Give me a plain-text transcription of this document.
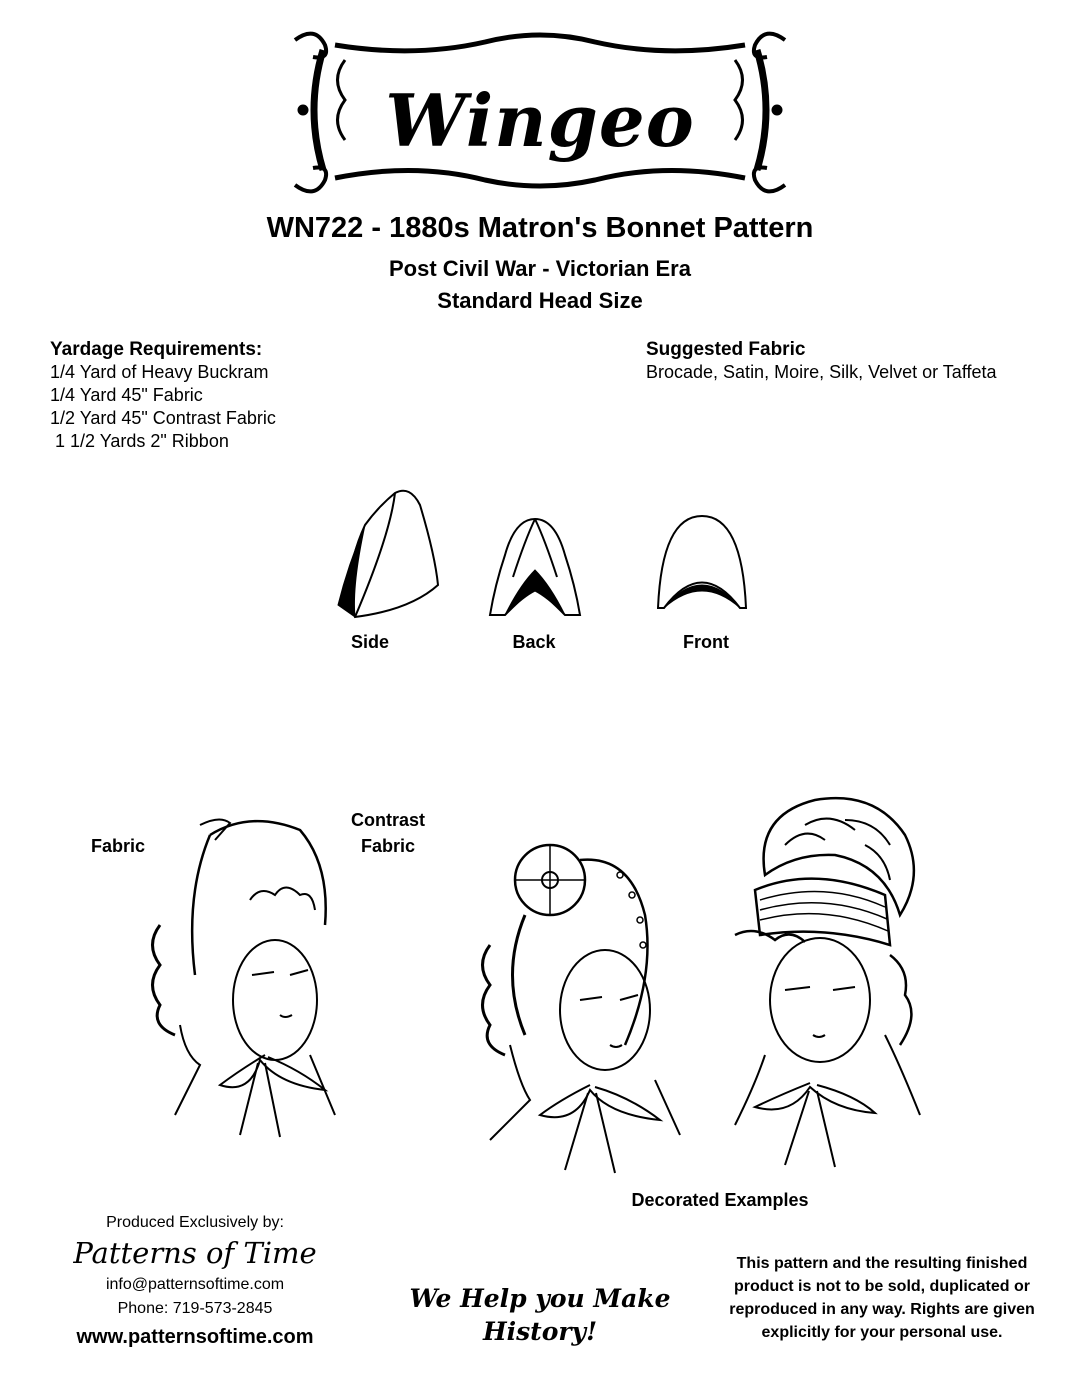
Wingeo
WN722 - 1880s Matron's Bonnet Pattern
Post Civil War - Victorian Era
Standard Head Size
Yardage Requirements:
1/4 Yard of Heavy Buckram
1/4 Yard 45" Fabric
1/2 Yard 45" Contrast Fabric
1 1/2 Yards 2" Ribbon
Suggested Fabric
Brocade, Satin, Moire, Silk, Velvet or Taffeta
Side	Back	Front
Fabric
Contrast
Fabric
Decorated Examples
Produced Exclusively by:
Patterns of Time
info@patternsoftime.com
Phone: 719-573-2845
www.patternsoftime.com
We Help you Make
History!
This pattern and the resulting finished
product is not to be sold, duplicated or
reproduced in any way. Rights are given
explicitly for your personal use.
